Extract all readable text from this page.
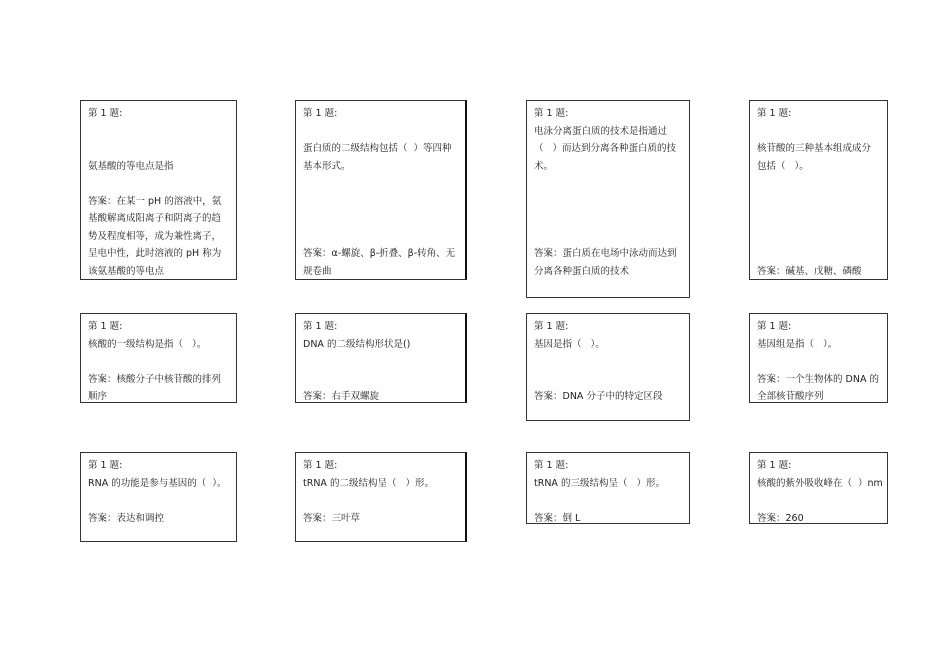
第 1 题:
氨基酸的等电点是指
答案：在某一 pH 的溶液中，氨
基酸解离成阳离子和阴离子的趋
势及程度相等，成为兼性离子，
呈电中性，此时溶液的 pH 称为
该氨基酸的等电点
第 1 题:
蛋白质的二级结构包括（  ）等四种
基本形式。
答案：α-螺旋、β-折叠、β-转角、无
规卷曲
第 1 题:
电泳分离蛋白质的技术是指通过
（   ）而达到分离各种蛋白质的技
术。
答案：蛋白质在电场中泳动而达到
分离各种蛋白质的技术
第 1 题:
核苷酸的三种基本组成成分
包括（   ）。
答案：碱基、戊糖、磷酸
第 1 题:
核酸的一级结构是指（   ）。
答案：核酸分子中核苷酸的排列
顺序
第 1 题:
DNA 的二级结构形状是()
答案：右手双螺旋
第 1 题:
基因是指（   ）。
答案：DNA 分子中的特定区段
第 1 题:
基因组是指（   ）。
答案：一个生物体的 DNA 的
全部核苷酸序列
第 1 题:
RNA 的功能是参与基因的（  ）。
答案：表达和调控
第 1 题:
tRNA 的二级结构呈（   ）形。
答案：三叶草
第 1 题:
tRNA 的三级结构呈（   ）形。
答案：倒 L
第 1 题:
核酸的紫外吸收峰在（  ）nm
答案：260
